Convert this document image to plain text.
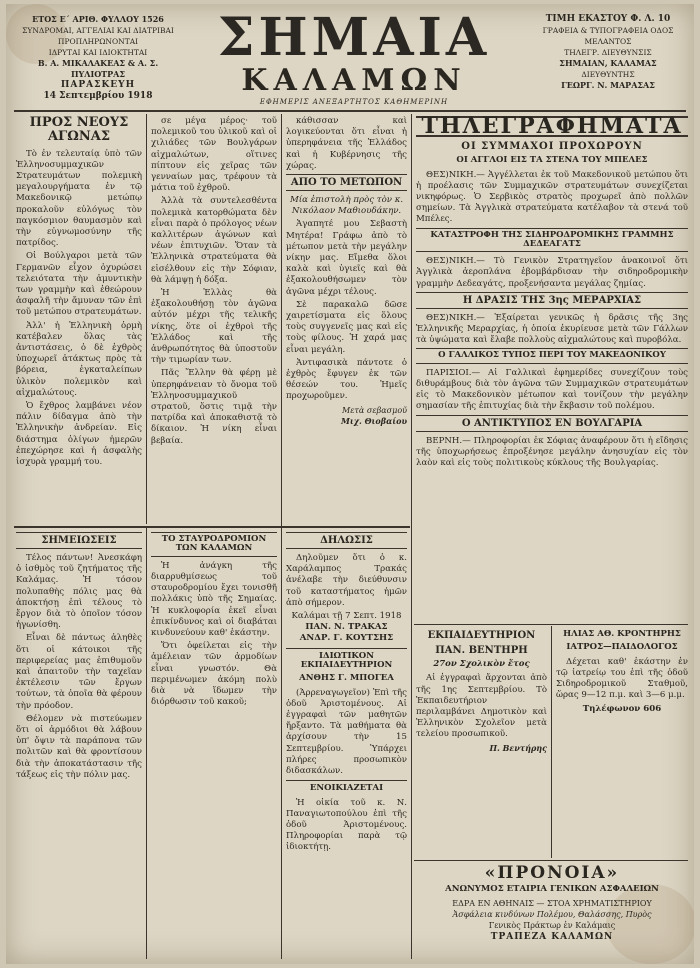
ΕΤΟΣ Ε΄ ΑΡΙΘ. ΦΥΛΛΟΥ 1526
ΣΥΝΔΡΟΜΑΙ, ΑΓΓΕΛΙΑΙ ΚΑΙ ΔΙΑΤΡΙΒΑΙ
ΠΡΟΠΛΗΡΩΝΟΝΤΑΙ
ΙΔΡΥΤΑΙ ΚΑΙ ΙΔΙΟΚΤΗΤΑΙ
Β. Α. ΜΙΚΑΛΑΚΕΑΣ & Α. Σ. ΠΥΛΙΟΤΡΑΣ
ΠΑΡΑΣΚΕΥΗ
14 Σεπτεμβρίου 1918
ΣΗΜΑΙΑ
ΚΑΛΑΜΩΝ
ΕΦΗΜΕΡΙΣ ΑΝΕΞΑΡΤΗΤΟΣ ΚΑΘΗΜΕΡΙΝΗ
ΤΙΜΗ ΕΚΑΣΤΟΥ Φ. Λ. 10
ΓΡΑΦΕΙΑ & ΤΥΠΟΓΡΑΦΕΙΑ ΟΔΟΣ ΜΕΛΑΝΤΟΣ
ΤΗΛΕΓΡ. ΔΙΕΥΘΥΝΣΙΣ
ΣΗΜΑΙΑΝ, ΚΑΛΑΜΑΣ
ΔΙΕΥΘΥΝΤΗΣ
ΓΕΩΡΓ. Ν. ΜΑΡΑΣΑΣ
ΠΡΟΣ ΝΕΟΥΣ ΑΓΩΝΑΣ

Τὸ ἐν τελευταίᾳ ὑπὸ τῶν Ἑλληνοσυμμαχικῶν Στρατευμάτων πολεμικὴ μεγαλουργήματα ἐν τῷ Μακεδονικῷ μετώπῳ προκαλοῦν εὐλόγως τὸν παγκόσμιον θαυμασμὸν καὶ τὴν εὐγνωμοσύνην τῆς πατρίδος.

Οἱ Βούλγαροι μετὰ τῶν Γερμανῶν εἶχον ὀχυρώσει τελειότατα τὴν ἀμυντικὴν των γραμμὴν καὶ ἐθεώρουν ἀσφαλῆ τὴν ἄμυναν τῶν ἐπὶ τοῦ μετώπου στρατευμάτων.

Ἀλλ' ἡ Ἑλληνικὴ ὁρμὴ κατέβαλεν ὅλας τὰς ἀντιστάσεις, ὁ δὲ ἐχθρὸς ὑποχωρεῖ ἀτάκτως πρὸς τὰ βόρεια, ἐγκαταλείπων ὑλικὸν πολεμικὸν καὶ αἰχμαλώτους.

Ὁ ἔχθρος λαμβάνει νέον πάλιν δίδαγμα ἀπὸ τὴν Ἑλληνικὴν ἀνδρείαν. Εἰς διάστημα ὀλίγων ἡμερῶν ἐπεχώρησε καὶ ἡ ἀσφαλὴς ἰσχυρὰ γραμμή του.

σε μέγα μέρος· τοῦ πολεμικοῦ του ὑλικοῦ καὶ οἱ χιλιάδες τῶν Βουλγάρων αἰχμαλώτων, οἵτινες πίπτουν εἰς χεῖρας τῶν γενναίων μας, τρέφουν τὰ μάτια τοῦ ἐχθροῦ.

Ἀλλὰ τὰ συντελεσθέντα πολεμικὰ κατορθώματα δὲν εἶναι παρὰ ὁ πρόλογος νέων καλλιτέρων ἀγώνων καὶ νέων ἐπιτυχιῶν. Ὅταν τὰ Ἑλληνικὰ στρατεύματα θὰ εἰσέλθουν εἰς τὴν Σόφιαν, θὰ λάμψῃ ἡ δόξα.

Ἡ Ἑλλὰς θὰ ἐξακολουθήσῃ τὸν ἀγῶνα αὐτόν μέχρι τῆς τελικῆς νίκης, ὅτε οἱ ἐχθροὶ τῆς Ἑλλάδος καὶ τῆς ἀνθρωπότητος θὰ ὑποστοῦν τὴν τιμωρίαν των.

Πᾶς Ἕλλην θὰ φέρῃ μὲ ὑπερηφάνειαν τὸ ὄνομα τοῦ Ἑλληνοσυμμαχικοῦ στρατοῦ, ὅστις τιμᾷ τὴν πατρίδα καὶ ἀποκαθιστᾷ τὸ δίκαιον. Ἡ νίκη εἶναι βεβαία.

κάθισσαν καὶ λογικεύονται ὅτι εἶναι ἡ ὑπερηφάνεια τῆς Ἑλλάδος καὶ ἡ Κυβέρνησις τῆς χώρας.

ΑΠΟ ΤΟ ΜΕΤΩΠΟΝ

Μία ἐπιστολὴ πρὸς τὸν κ. Νικόλαον Μαθιουδάκην.

Ἀγαπητέ μου Σεβαστὴ Μητέρα! Γράφω ἀπὸ τὸ μέτωπον μετὰ τὴν μεγάλην νίκην μας. Εἴμεθα ὅλοι καλὰ καὶ ὑγιεῖς καὶ θὰ ἐξακολουθήσωμεν τὸν ἀγῶνα μέχρι τέλους.

Σὲ παρακαλῶ δῶσε χαιρετίσματα εἰς ὅλους τοὺς συγγενεῖς μας καὶ εἰς τοὺς φίλους. Ἡ χαρά μας εἶναι μεγάλη.

Ἀντιφασικὰ πάντοτε ὁ ἐχθρὸς ἔφυγεν ἐκ τῶν θέσεών του. Ἡμεῖς προχωροῦμεν.

Μετὰ σεβασμοῦ
Μιχ. Θιοβαίου
ΤΗΛΕΓΡΑΦΗΜΑΤΑ
ΟΙ ΣΥΜΜΑΧΟΙ ΠΡΟΧΩΡΟΥΝ
ΟΙ ΑΓΓΛΟΙ ΕΙΣ ΤΑ ΣΤΕΝΑ ΤΟΥ ΜΠΕΛΕΣ

ΘΕΣ)ΝΙΚΗ.— Ἀγγέλλεται ἐκ τοῦ Μακεδονικοῦ μετώπου ὅτι ἡ προέλασις τῶν Συμμαχικῶν στρατευμάτων συνεχίζεται νικηφόρως. Ὁ Σερβικὸς στρατὸς προχωρεῖ ἀπὸ πολλῶν σημείων. Τὰ Ἀγγλικὰ στρατεύματα κατέλαβον τὰ στενά τοῦ Μπέλες.

ΚΑΤΑΣΤΡΟΦΗ ΤΗΣ ΣΙΔΗΡΟΔΡΟΜΙΚΗΣ ΓΡΑΜΜΗΣ ΔΕΔΕΑΓΑΤΣ

ΘΕΣ)ΝΙΚΗ.— Τὸ Γενικὸν Στρατηγεῖον ἀνακοινοῖ ὅτι Ἀγγλικὰ ἀεροπλάνα ἐβομβάρδισαν τὴν σιδηροδρομικὴν γραμμὴν Δεδεαγάτς, προξενήσαντα μεγάλας ζημίας.

Η ΔΡΑΣΙΣ ΤΗΣ 3ης ΜΕΡΑΡΧΙΑΣ

ΘΕΣ)ΝΙΚΗ.— Ἐξαίρεται γενικῶς ἡ δρᾶσις τῆς 3ης Ἑλληνικῆς Μεραρχίας, ἡ ὁποία ἐκυρίευσε μετὰ τῶν Γάλλων τὰ ὑψώματα καὶ ἔλαβε πολλοὺς αἰχμαλώτους καὶ πυροβόλα.

Ο ΓΑΛΛΙΚΟΣ ΤΥΠΟΣ ΠΕΡΙ ΤΟΥ ΜΑΚΕΔΟΝΙΚΟΥ

ΠΑΡΙΣΙΟΙ.— Αἱ Γαλλικαὶ ἐφημερίδες συνεχίζουν τοὺς διθυράμβους διὰ τὸν ἀγῶνα τῶν Συμμαχικῶν στρατευμάτων εἰς τὸ Μακεδονικὸν μέτωπον καὶ τονίζουν τὴν μεγάλην σημασίαν τῆς ἐπιτυχίας διὰ τὴν ἔκβασιν τοῦ πολέμου.

Ο ΑΝΤΙΚΤΥΠΟΣ ΕΝ ΒΟΥΛΓΑΡΙΑ

ΒΕΡΝΗ.— Πληροφορίαι ἐκ Σόφιας ἀναφέρουν ὅτι ἡ εἴδησις τῆς ὑποχωρήσεως ἐπροξένησε μεγάλην ἀνησυχίαν εἰς τὸν λαὸν καὶ εἰς τοὺς πολιτικοὺς κύκλους τῆς Βουλγαρίας.

ΣΗΜΕΙΩΣΕΙΣ

Τέλος πάντων! Ἀνεσκάφη ὁ ἰσθμὸς τοῦ ζητήματος τῆς Καλάμας. Ἡ τόσον πολυπαθὴς πόλις μας θὰ ἀποκτήσῃ ἐπὶ τέλους τὸ ἔργον διὰ τὸ ὁποῖον τόσον ἠγωνίσθη.

Εἶναι δὲ πάντως ἀληθὲς ὅτι οἱ κάτοικοι τῆς περιφερείας μας ἐπιθυμοῦν καὶ ἀπαιτοῦν τὴν ταχεῖαν ἐκτέλεσιν τῶν ἔργων τούτων, τὰ ὁποῖα θὰ φέρουν τὴν πρόοδον.

Θέλομεν νὰ πιστεύωμεν ὅτι οἱ ἁρμόδιοι θὰ λάβουν ὑπ' ὄψιν τὰ παράπονα τῶν πολιτῶν καὶ θὰ φροντίσουν διὰ τὴν ἀποκατάστασιν τῆς τάξεως εἰς τὴν πόλιν μας.

ΤΟ ΣΤΑΥΡΟΔΡΟΜΙΟΝ ΤΩΝ ΚΑΛΑΜΩΝ

Ἡ ἀνάγκη τῆς διαρρυθμίσεως τοῦ σταυροδρομίου ἔχει τονισθῆ πολλάκις ὑπὸ τῆς Σημαίας. Ἡ κυκλοφορία ἐκεῖ εἶναι ἐπικίνδυνος καὶ οἱ διαβάται κινδυνεύουν καθ' ἑκάστην.

Ὅτι ὀφείλεται εἰς τὴν ἀμέλειαν τῶν ἁρμοδίων εἶναι γνωστόν. Θὰ περιμένωμεν ἀκόμη πολὺ διὰ νὰ ἴδωμεν τὴν διόρθωσιν τοῦ κακοῦ;

ΔΗΛΩΣΙΣ

Δηλοῦμεν ὅτι ὁ κ. Χαράλαμπος Τρακάς ἀνέλαβε τὴν διεύθυνσιν τοῦ καταστήματος ἡμῶν ἀπὸ σήμερον.

Καλάμαι τῇ 7 Σεπτ. 1918
ΠΑΝ. Ν. ΤΡΑΚΑΣ
ΑΝΔΡ. Γ. ΚΟΥΤΣΗΣ
ΙΔΙΩΤΙΚΟΝ ΕΚΠΑΙΔΕΥΤΗΡΙΟΝ
ΑΝΘΗΣ Γ. ΜΠΟΓΕΑ

(Ἀρρεναγωγεῖον) Ἐπὶ τῆς ὁδοῦ Ἀριστομένους. Αἱ ἐγγραφαὶ τῶν μαθητῶν ἤρξαντο. Τὰ μαθήματα θὰ ἀρχίσουν τὴν 15 Σεπτεμβρίου. Ὑπάρχει πλήρες προσωπικὸν διδασκάλων.

ΕΝΟΙΚΙΑΖΕΤΑΙ

Ἡ οἰκία τοῦ κ. Ν. Παναγιωτοπούλου ἐπὶ τῆς ὁδοῦ Ἀριστομένους. Πληροφορίαι παρὰ τῷ ἰδιοκτήτῃ.

ΕΚΠΑΙΔΕΥΤΗΡΙΟΝ
ΠΑΝ. ΒΕΝΤΗΡΗ
27ον Σχολικὸν ἔτος

Αἱ ἐγγραφαὶ ἄρχονται ἀπὸ τῆς 1ης Σεπτεμβρίου. Τὸ Ἐκπαιδευτήριον περιλαμβάνει Δημοτικὸν καὶ Ἑλληνικὸν Σχολεῖον μετὰ τελείου προσωπικοῦ.

Π. Βεντήρης
ΗΛΙΑΣ ΑΘ. ΚΡΟΝΤΗΡΗΣ
ΙΑΤΡΟΣ—ΠΑΙΔΟΛΟΓΟΣ

Δέχεται καθ' ἑκάστην ἐν τῷ ἰατρείῳ του ἐπὶ τῆς ὁδοῦ Σιδηροδρομικοῦ Σταθμοῦ, ὥρας 9—12 π.μ. καὶ 3—6 μ.μ.

Τηλέφωνον 606
«ΠΡΟΝΟΙΑ»
ΑΝΩΝΥΜΟΣ ΕΤΑΙΡΙΑ ΓΕΝΙΚΩΝ ΑΣΦΑΛΕΙΩΝ
ΕΔΡΑ ΕΝ ΑΘΗΝΑΙΣ — ΣΤΟΑ ΧΡΗΜΑΤΙΣΤΗΡΙΟΥ
Ἀσφάλεια κινδύνων Πολέμου, Θαλάσσης, Πυρὸς
Γενικὸς Πράκτωρ ἐν Καλάμαις
ΤΡΑΠΕΖΑ ΚΑΛΑΜΩΝ
